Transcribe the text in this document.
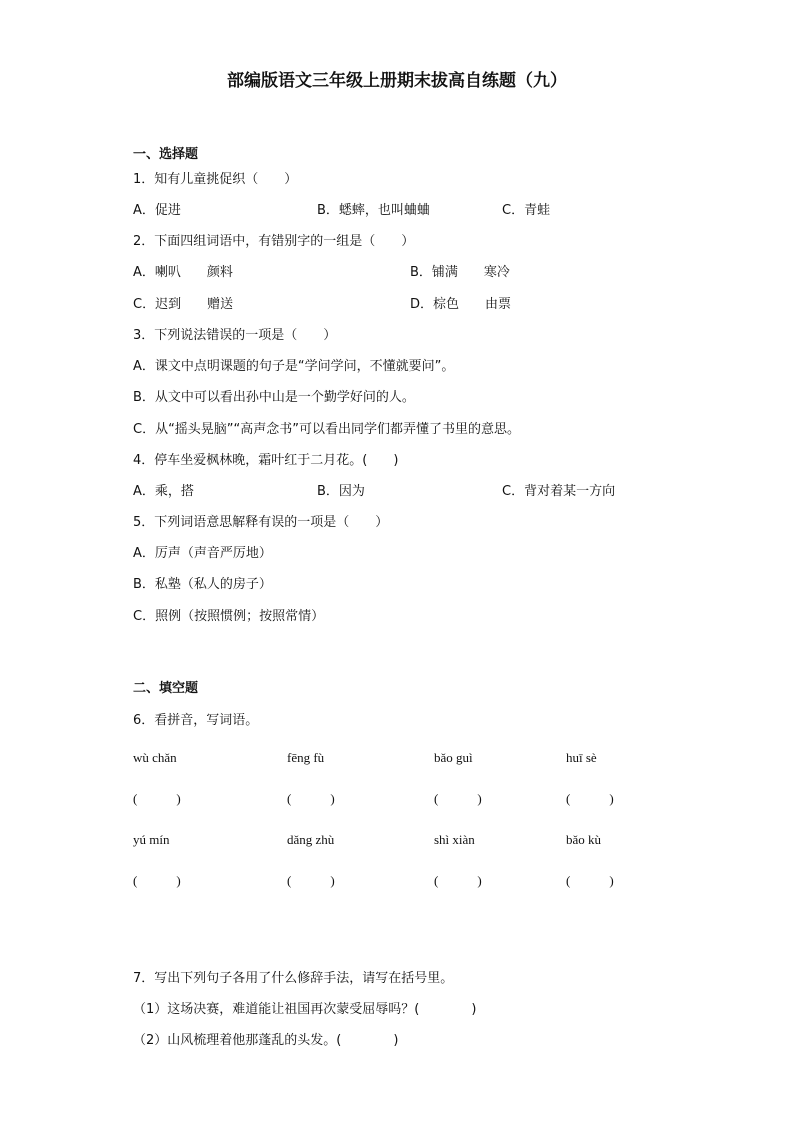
部编版语文三年级上册期末拔高自练题（九）
一、选择题
1．知有儿童挑促织（　　）
A．促进	B．蟋蟀，也叫蛐蛐	C．青蛙
2．下面四组词语中，有错别字的一组是（　　）
A．喇叭　　颜料	B．铺满　　寒冷
C．迟到　　赠送	D．棕色　　由票
3．下列说法错误的一项是（　　）
A．课文中点明课题的句子是“学问学问，不懂就要问”。
B．从文中可以看出孙中山是一个勤学好问的人。
C．从“摇头晃脑”“高声念书”可以看出同学们都弄懂了书里的意思。
4．停车坐爱枫林晚，霜叶红于二月花。(　　)
A．乘，搭	B．因为	C．背对着某一方向
5．下列词语意思解释有误的一项是（　　）
A．厉声（声音严厉地）
B．私塾（私人的房子）
C．照例（按照惯例；按照常情）
二、填空题
6．看拼音，写词语。
wù chǎn	fēng fù	bǎo guì	huī sè
(　　　)	(　　　)	(　　　)	(　　　)
yú mín	dǎng zhù	shì xiàn	bǎo kù
(　　　)	(　　　)	(　　　)	(　　　)
7．写出下列句子各用了什么修辞手法，请写在括号里。
（1）这场决赛，难道能让祖国再次蒙受屈辱吗？(　　　　)
（2）山风梳理着他那蓬乱的头发。(　　　　)
